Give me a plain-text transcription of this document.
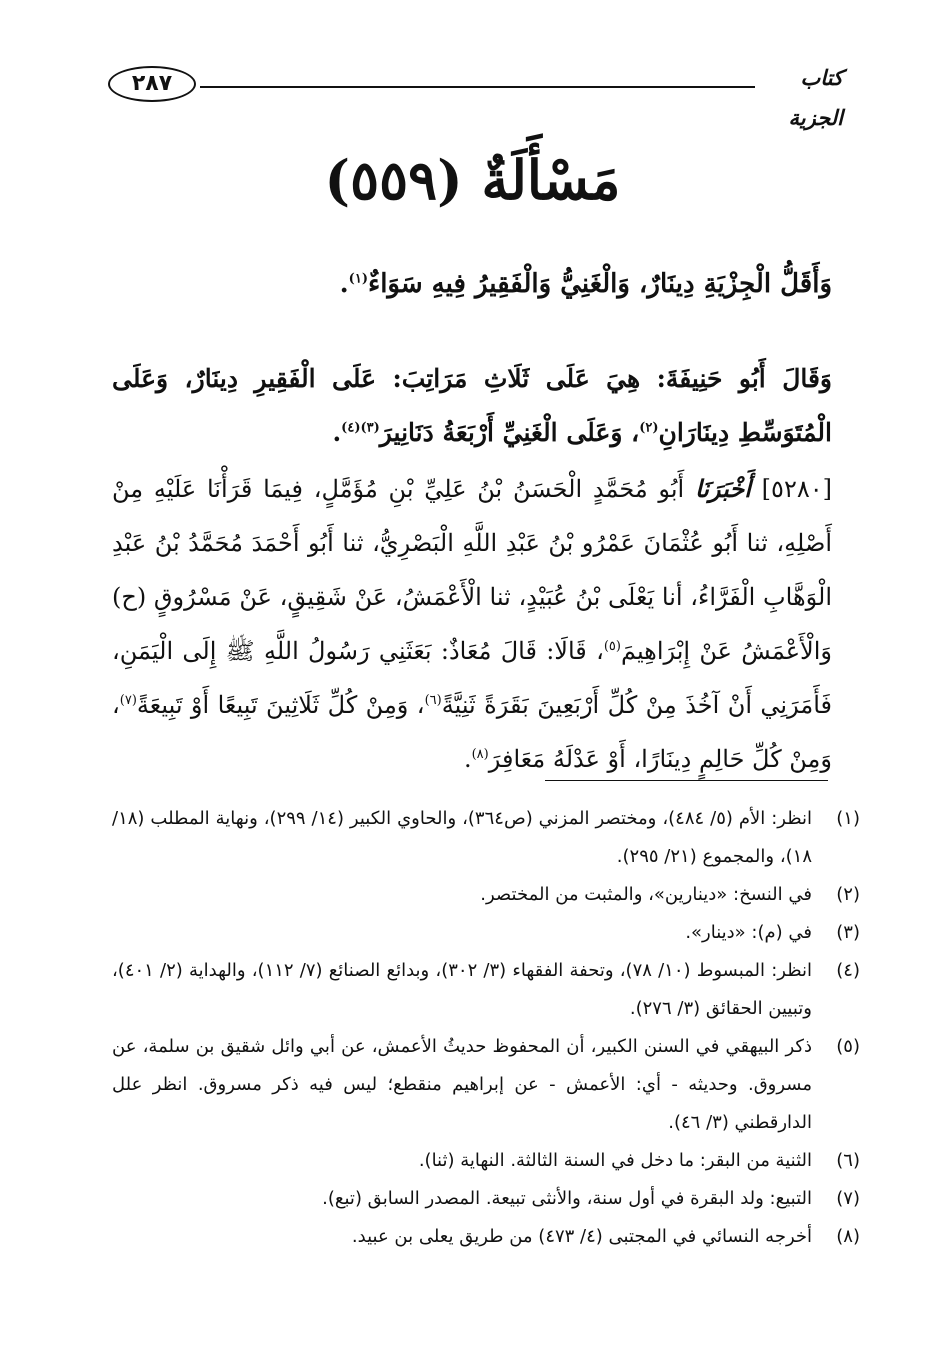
٢٨٧	كتاب الجزية
مَسْأَلَةٌ (٥٥٩)
وَأَقَلُّ الْجِزْيَةِ دِينَارٌ، وَالْغَنِيُّ وَالْفَقِيرُ فِيهِ سَوَاءٌ$^{(١)}$.
وَقَالَ أَبُو حَنِيفَةَ: هِيَ عَلَى ثَلَاثِ مَرَاتِبَ: عَلَى الْفَقِيرِ دِينَارٌ، وَعَلَى الْمُتَوَسِّطِ دِينَارَانِ$^{(٢)}$، وَعَلَى الْغَنِيِّ أَرْبَعَةُ دَنَانِيرَ$^{(٣)(٤)}$.
[٥٢٨٠] أَخْبَرَنَا أَبُو مُحَمَّدٍ الْحَسَنُ بْنُ عَلِيِّ بْنِ مُؤَمَّلٍ، فِيمَا قَرَأْنَا عَلَيْهِ مِنْ أَصْلِهِ، ثنا أَبُو عُثْمَانَ عَمْرُو بْنُ عَبْدِ اللَّهِ الْبَصْرِيُّ، ثنا أَبُو أَحْمَدَ مُحَمَّدُ بْنُ عَبْدِ الْوَهَّابِ الْفَرَّاءُ، أنا يَعْلَى بْنُ عُبَيْدٍ، ثنا الْأَعْمَشُ، عَنْ شَقِيقٍ، عَنْ مَسْرُوقٍ (ح) وَالْأَعْمَشُ عَنْ إِبْرَاهِيمَ$^{(٥)}$، قَالَا: قَالَ مُعَاذٌ: بَعَثَنِي رَسُولُ اللَّهِ ﷺ إِلَى الْيَمَنِ، فَأَمَرَنِي أَنْ آخُذَ مِنْ كُلِّ أَرْبَعِينَ بَقَرَةً ثَنِيَّةً$^{(٦)}$، وَمِنْ كُلِّ ثَلَاثِينَ تَبِيعًا أَوْ تَبِيعَةً$^{(٧)}$، وَمِنْ كُلِّ حَالِمٍ دِينَارًا، أَوْ عَدْلَهُ مَعَافِرَ$^{(٨)}$.
(١)
انظر: الأم (٥/ ٤٨٤)، ومختصر المزني (ص٣٦٤)، والحاوي الكبير (١٤/ ٢٩٩)، ونهاية المطلب (١٨/ ١٨)، والمجموع (٢١/ ٢٩٥).
(٢)
في النسخ: «دينارين»، والمثبت من المختصر.
(٣)
في (م): «دينار».
(٤)
انظر: المبسوط (١٠/ ٧٨)، وتحفة الفقهاء (٣/ ٣٠٢)، وبدائع الصنائع (٧/ ١١٢)، والهداية (٢/ ٤٠١)، وتبيين الحقائق (٣/ ٢٧٦).
(٥)
ذكر البيهقي في السنن الكبير، أن المحفوظ حديثُ الأعمش، عن أبي وائل شقيق بن سلمة، عن مسروق. وحديثه - أي: الأعمش - عن إبراهيم منقطع؛ ليس فيه ذكر مسروق. انظر علل الدارقطني (٣/ ٤٦).
(٦)
الثنية من البقر: ما دخل في السنة الثالثة. النهاية (ثنا).
(٧)
التبيع: ولد البقرة في أول سنة، والأنثى تبيعة. المصدر السابق (تبع).
(٨)
أخرجه النسائي في المجتبى (٤/ ٤٧٣) من طريق يعلى بن عبيد.
